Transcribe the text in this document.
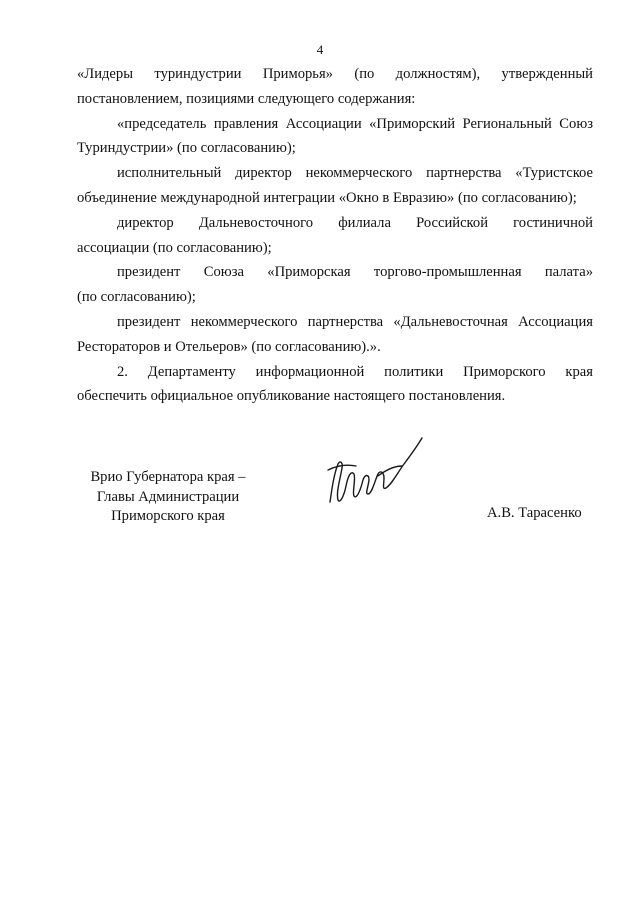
4

«Лидеры туриндустрии Приморья» (по должностям), утвержденный
постановлением, позициями следующего содержания:

«председатель правления Ассоциации «Приморский Региональный Союз
Туриндустрии» (по согласованию);

исполнительный директор некоммерческого партнерства «Туристское
объединение международной интеграции «Окно в Евразию» (по согласованию);

директор Дальневосточного филиала Российской гостиничной
ассоциации (по согласованию);

президент Союза «Приморская торгово-промышленная палата»
(по согласованию);

президент некоммерческого партнерства «Дальневосточная Ассоциация
Рестораторов и Отельеров» (по согласованию).».

2. Департаменту информационной политики Приморского края
обеспечить официальное опубликование настоящего постановления.

Врио Губернатора края –
Главы Администрации
Приморского края	А.В. Тарасенко
